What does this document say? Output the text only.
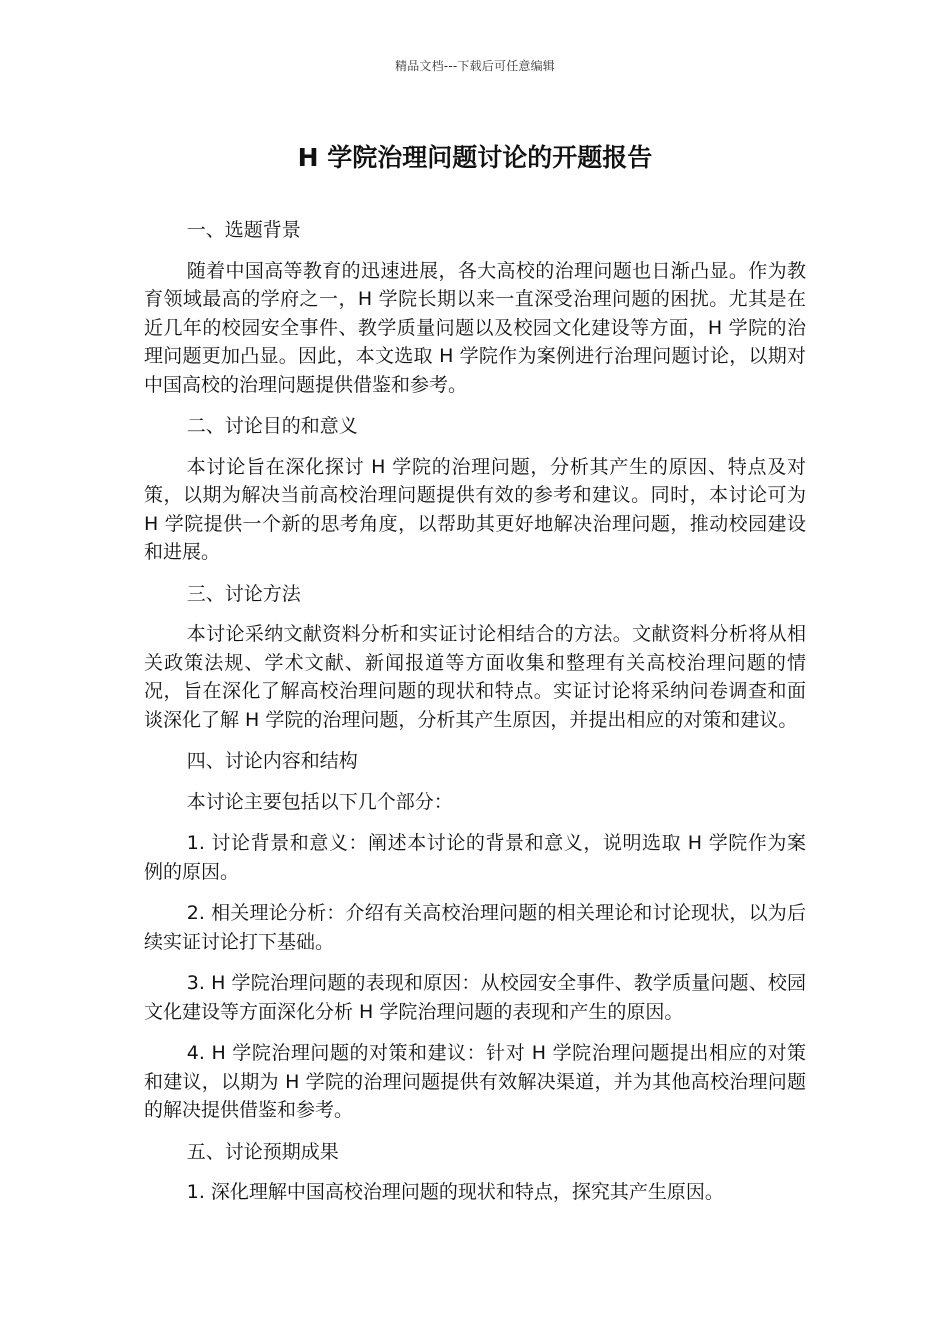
精品文档---下载后可任意编辑
H 学院治理问题讨论的开题报告

一、选题背景

随着中国高等教育的迅速进展，各大高校的治理问题也日渐凸显。作为教育领域最高的学府之一，H 学院长期以来一直深受治理问题的困扰。尤其是在近几年的校园安全事件、教学质量问题以及校园文化建设等方面，H 学院的治理问题更加凸显。因此，本文选取 H 学院作为案例进行治理问题讨论，以期对中国高校的治理问题提供借鉴和参考。

二、讨论目的和意义

本讨论旨在深化探讨 H 学院的治理问题，分析其产生的原因、特点及对策，以期为解决当前高校治理问题提供有效的参考和建议。同时，本讨论可为 H 学院提供一个新的思考角度，以帮助其更好地解决治理问题，推动校园建设和进展。

三、讨论方法

本讨论采纳文献资料分析和实证讨论相结合的方法。文献资料分析将从相关政策法规、学术文献、新闻报道等方面收集和整理有关高校治理问题的情况，旨在深化了解高校治理问题的现状和特点。实证讨论将采纳问卷调查和面谈深化了解 H 学院的治理问题，分析其产生原因，并提出相应的对策和建议。

四、讨论内容和结构

本讨论主要包括以下几个部分：

1. 讨论背景和意义：阐述本讨论的背景和意义，说明选取 H 学院作为案例的原因。

2. 相关理论分析：介绍有关高校治理问题的相关理论和讨论现状，以为后续实证讨论打下基础。

3. H 学院治理问题的表现和原因：从校园安全事件、教学质量问题、校园文化建设等方面深化分析 H 学院治理问题的表现和产生的原因。

4. H 学院治理问题的对策和建议：针对 H 学院治理问题提出相应的对策和建议，以期为 H 学院的治理问题提供有效解决渠道，并为其他高校治理问题的解决提供借鉴和参考。

五、讨论预期成果

1. 深化理解中国高校治理问题的现状和特点，探究其产生原因。
